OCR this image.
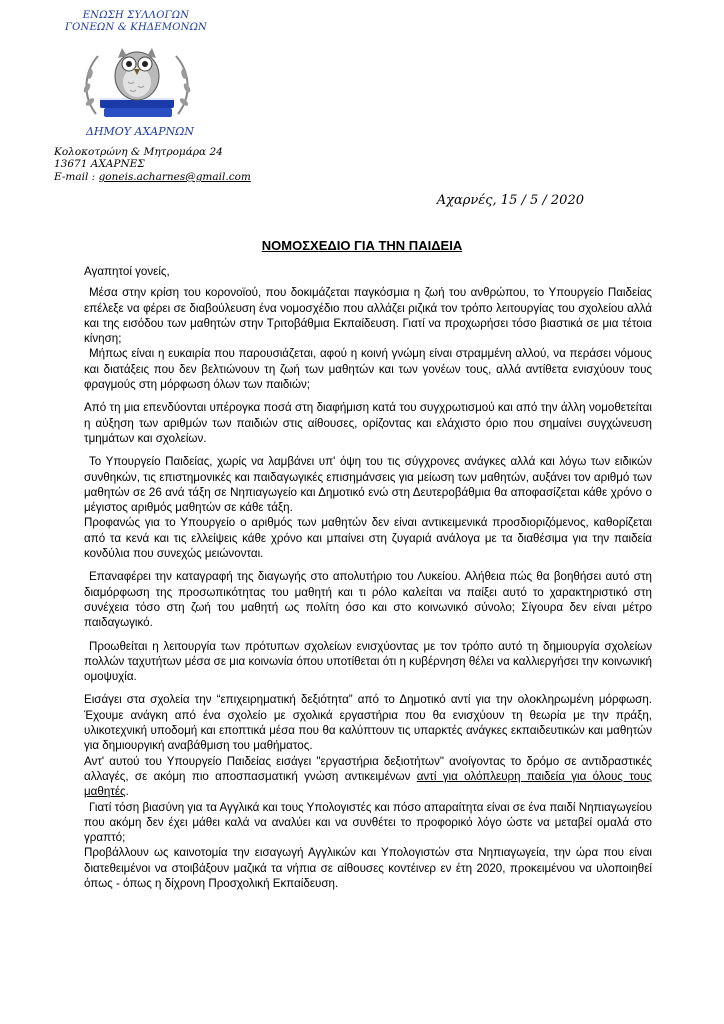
ΕΝΩΣΗ ΣΥΛΛΟΓΩΝ
ΓΟΝΕΩΝ & ΚΗΔΕΜΟΝΩΝ
ΔΗΜΟΥ ΑΧΑΡΝΩΝ
Κολοκοτρώνη & Μητρομάρα 24
13671 ΑΧΑΡΝΕΣ
E-mail : goneis.acharnes@gmail.com
Αχαρνές, 15 / 5 / 2020
ΝΟΜΟΣΧΕΔΙΟ ΓΙΑ ΤΗΝ ΠΑΙΔΕΙΑ

Αγαπητοί γονείς,

Μέσα στην κρίση του κορονοϊού, που δοκιμάζεται παγκόσμια η ζωή του ανθρώπου, το Υπουργείο Παιδείας επέλεξε να φέρει σε διαβούλευση ένα νομοσχέδιο που αλλάζει ριζικά τον τρόπο λειτουργίας του σχολείου αλλά και της εισόδου των μαθητών στην Τριτοβάθμια Εκπαίδευση. Γιατί να προχωρήσει τόσο βιαστικά σε μια τέτοια κίνηση;

Μήπως είναι η ευκαιρία που παρουσιάζεται, αφού η κοινή γνώμη είναι στραμμένη αλλού, να περάσει νόμους και διατάξεις που δεν βελτιώνουν τη ζωή των μαθητών και των γονέων τους, αλλά αντίθετα ενισχύουν τους φραγμούς στη μόρφωση όλων των παιδιών;

Από τη μια επενδύονται υπέρογκα ποσά στη διαφήμιση κατά του συγχρωτισμού και από την άλλη νομοθετείται η αύξηση των αριθμών των παιδιών στις αίθουσες, ορίζοντας και ελάχιστο όριο που σημαίνει συγχώνευση τμημάτων και σχολείων.

Το Υπουργείο Παιδείας, χωρίς να λαμβάνει υπ' όψη του τις σύγχρονες ανάγκες αλλά και λόγω των ειδικών συνθηκών, τις επιστημονικές και παιδαγωγικές επισημάνσεις για μείωση των μαθητών, αυξάνει τον αριθμό των μαθητών σε 26 ανά τάξη σε Νηπιαγωγείο και Δημοτικό ενώ στη Δευτεροβάθμια θα αποφασίζεται κάθε χρόνο ο μέγιστος αριθμός μαθητών σε κάθε τάξη.

Προφανώς για το Υπουργείο ο αριθμός των μαθητών δεν είναι αντικειμενικά προσδιοριζόμενος, καθορίζεται από τα κενά και τις ελλείψεις κάθε χρόνο και μπαίνει στη ζυγαριά ανάλογα με τα διαθέσιμα για την παιδεία κονδύλια που συνεχώς μειώνονται.

Επαναφέρει την καταγραφή της διαγωγής στο απολυτήριο του Λυκείου. Αλήθεια πώς θα βοηθήσει αυτό στη διαμόρφωση της προσωπικότητας του μαθητή και τι ρόλο καλείται να παίξει αυτό το χαρακτηριστικό στη συνέχεια τόσο στη ζωή του μαθητή ως πολίτη όσο και στο κοινωνικό σύνολο; Σίγουρα δεν είναι μέτρο παιδαγωγικό.

Προωθείται η λειτουργία των πρότυπων σχολείων ενισχύοντας με τον τρόπο αυτό τη δημιουργία σχολείων πολλών ταχυτήτων μέσα σε μια κοινωνία όπου υποτίθεται ότι η κυβέρνηση θέλει να καλλιεργήσει την κοινωνική ομοψυχία.

Εισάγει στα σχολεία την “επιχειρηματική δεξιότητα” από το Δημοτικό αντί για την ολοκληρωμένη μόρφωση. Έχουμε ανάγκη από ένα σχολείο με σχολικά εργαστήρια που θα ενισχύουν τη θεωρία με την πράξη, υλικοτεχνική υποδομή και εποπτικά μέσα που θα καλύπτουν τις υπαρκτές ανάγκες εκπαιδευτικών και μαθητών για δημιουργική αναβάθμιση του μαθήματος.

Αντ' αυτού του Υπουργείο Παιδείας εισάγει "εργαστήρια δεξιοτήτων" ανοίγοντας το δρόμο σε αντιδραστικές αλλαγές, σε ακόμη πιο αποσπασματική γνώση αντικειμένων αντί για ολόπλευρη παιδεία για όλους τους μαθητές.

Γιατί τόση βιασύνη για τα Αγγλικά και τους Υπολογιστές και πόσο απαραίτητα είναι σε ένα παιδί Νηπιαγωγείου που ακόμη δεν έχει μάθει καλά να αναλύει και να συνθέτει το προφορικό λόγο ώστε να μεταβεί ομαλά στο γραπτό;

Προβάλλουν ως καινοτομία την εισαγωγή Αγγλικών και Υπολογιστών στα Νηπιαγωγεία, την ώρα που είναι διατεθειμένοι να στοιβάξουν μαζικά τα νήπια σε αίθουσες κοντέινερ εν έτη 2020, προκειμένου να υλοποιηθεί όπως - όπως η δίχρονη Προσχολική Εκπαίδευση.
